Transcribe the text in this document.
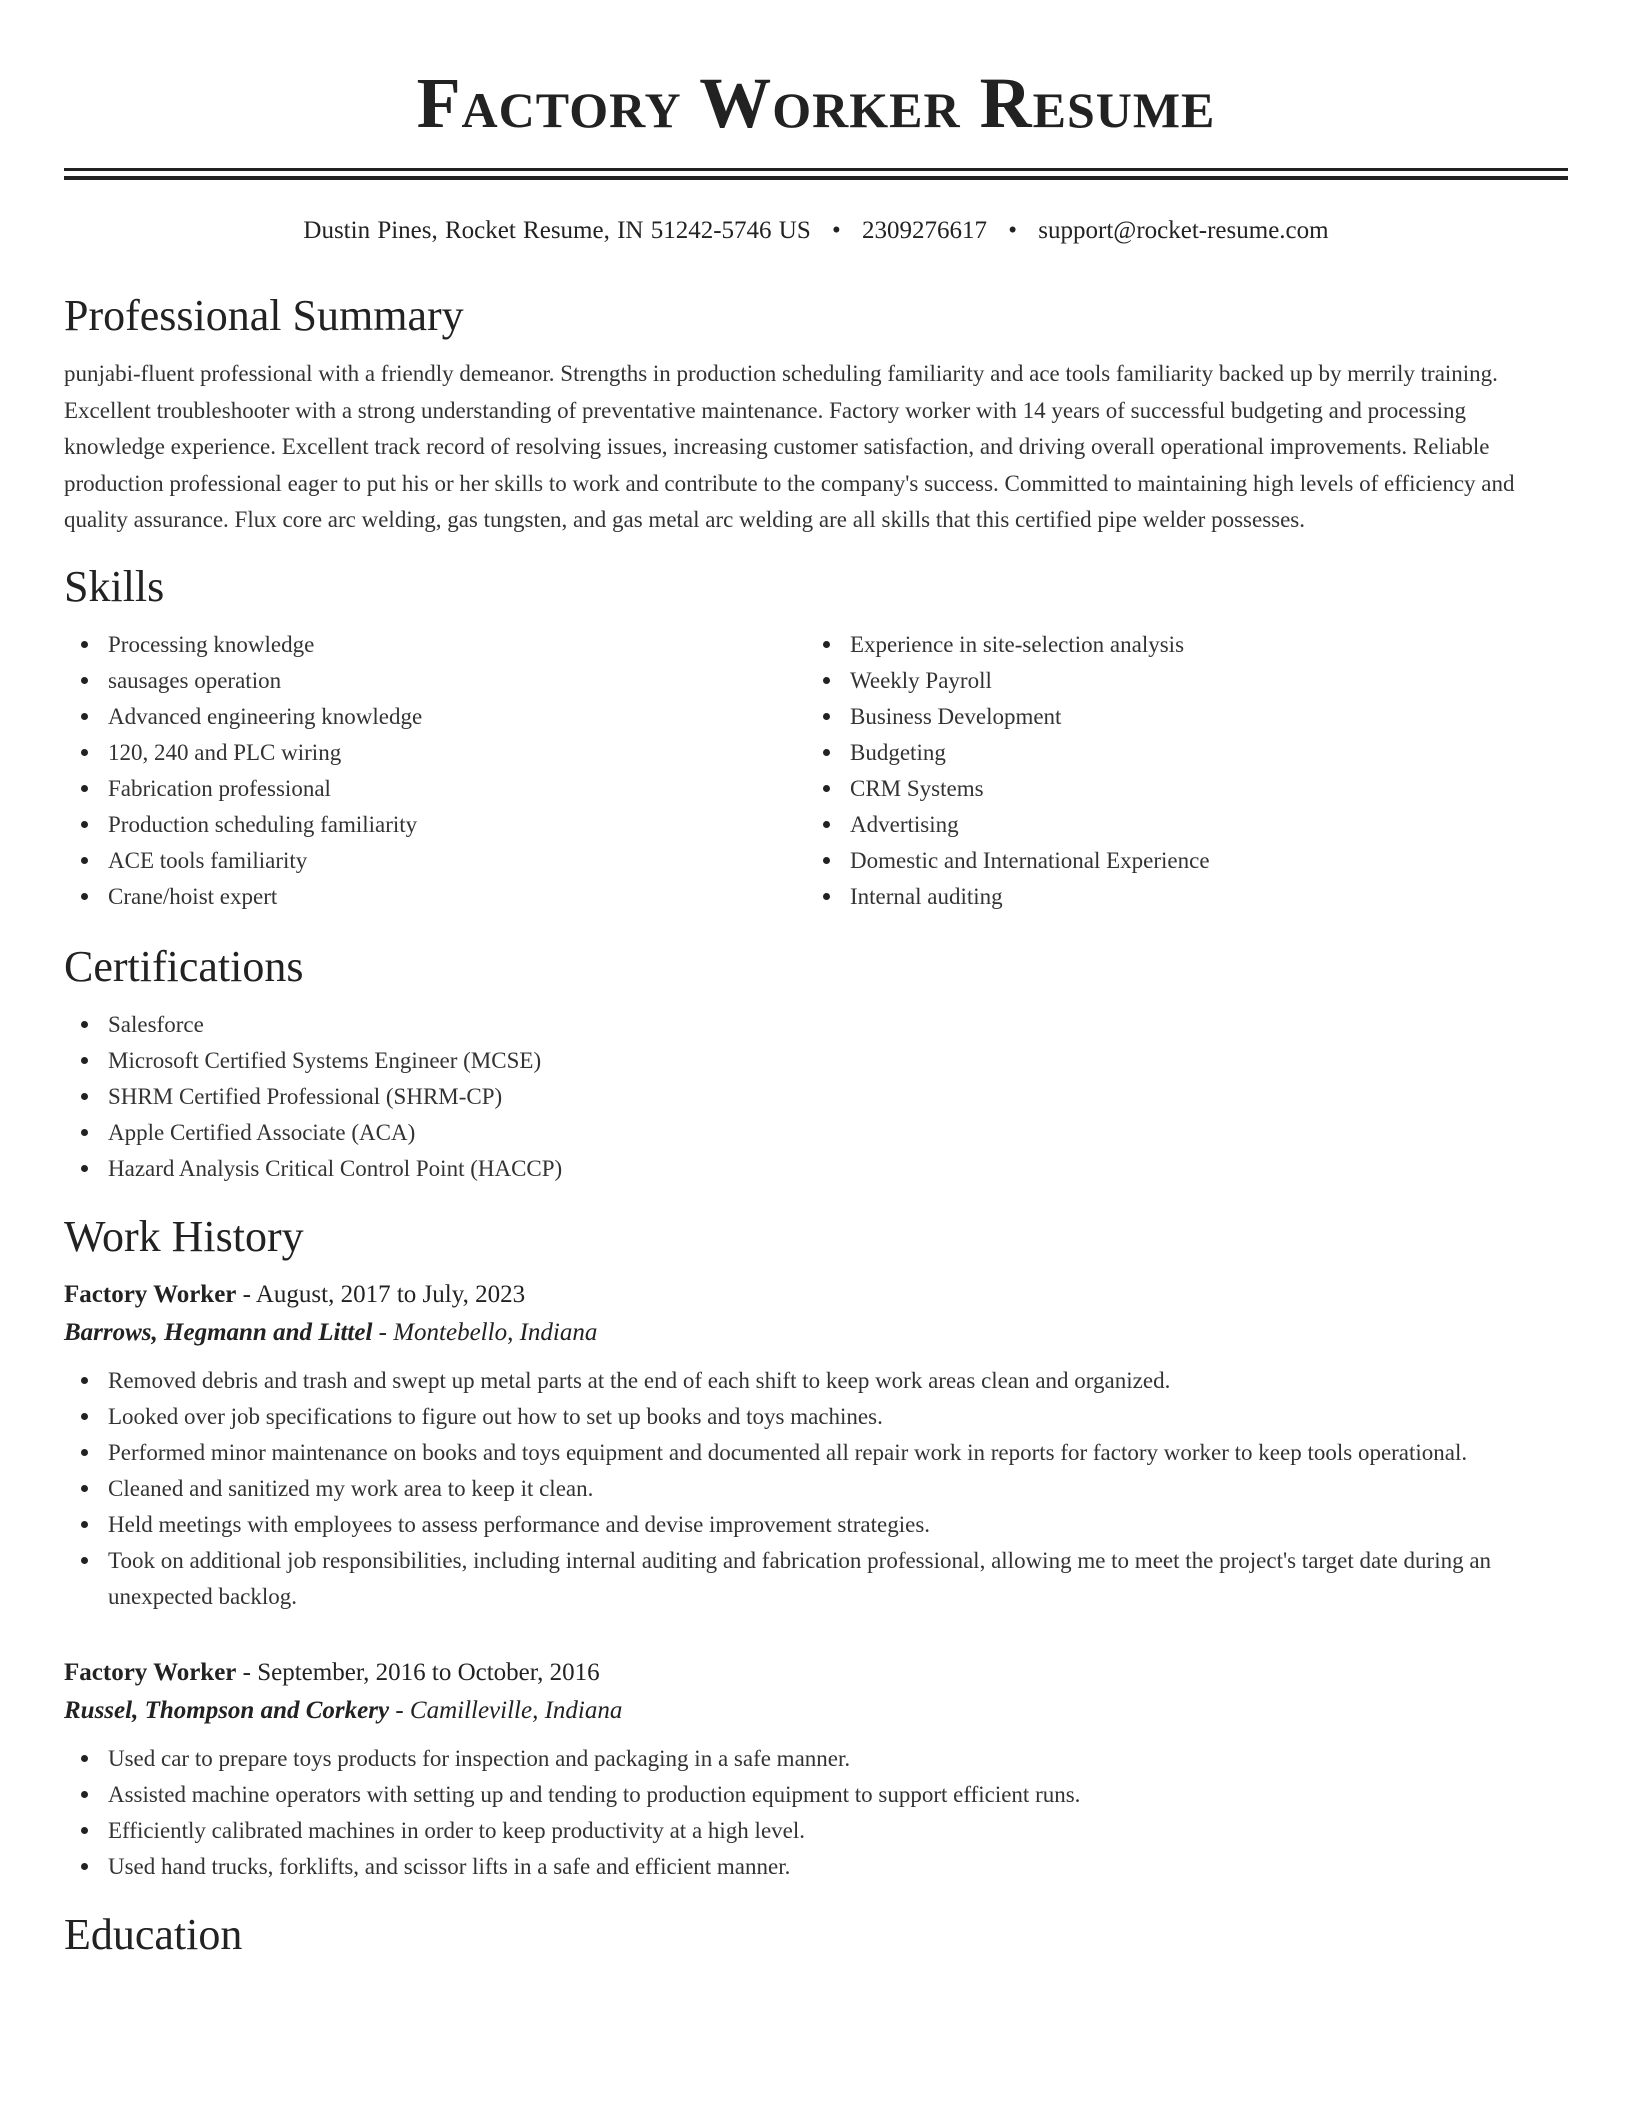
Factory Worker Resume
Dustin Pines, Rocket Resume, IN 51242-5746 US • 2309276617 • support@rocket-resume.com
Professional Summary

punjabi-fluent professional with a friendly demeanor. Strengths in production scheduling familiarity and ace tools familiarity backed up by merrily training. Excellent troubleshooter with a strong understanding of preventative maintenance. Factory worker with 14 years of successful budgeting and processing knowledge experience. Excellent track record of resolving issues, increasing customer satisfaction, and driving overall operational improvements. Reliable production professional eager to put his or her skills to work and contribute to the company's success. Committed to maintaining high levels of efficiency and quality assurance. Flux core arc welding, gas tungsten, and gas metal arc welding are all skills that this certified pipe welder possesses.

Skills
Processing knowledge
sausages operation
Advanced engineering knowledge
120, 240 and PLC wiring
Fabrication professional
Production scheduling familiarity
ACE tools familiarity
Crane/hoist expert
Experience in site-selection analysis
Weekly Payroll
Business Development
Budgeting
CRM Systems
Advertising
Domestic and International Experience
Internal auditing
Certifications
Salesforce
Microsoft Certified Systems Engineer (MCSE)
SHRM Certified Professional (SHRM-CP)
Apple Certified Associate (ACA)
Hazard Analysis Critical Control Point (HACCP)
Work History
Factory Worker - August, 2017 to July, 2023
Barrows, Hegmann and Littel - Montebello, Indiana
Removed debris and trash and swept up metal parts at the end of each shift to keep work areas clean and organized.
Looked over job specifications to figure out how to set up books and toys machines.
Performed minor maintenance on books and toys equipment and documented all repair work in reports for factory worker to keep tools operational.
Cleaned and sanitized my work area to keep it clean.
Held meetings with employees to assess performance and devise improvement strategies.
Took on additional job responsibilities, including internal auditing and fabrication professional, allowing me to meet the project's target date during an unexpected backlog.
Factory Worker - September, 2016 to October, 2016
Russel, Thompson and Corkery - Camilleville, Indiana
Used car to prepare toys products for inspection and packaging in a safe manner.
Assisted machine operators with setting up and tending to production equipment to support efficient runs.
Efficiently calibrated machines in order to keep productivity at a high level.
Used hand trucks, forklifts, and scissor lifts in a safe and efficient manner.
Education
